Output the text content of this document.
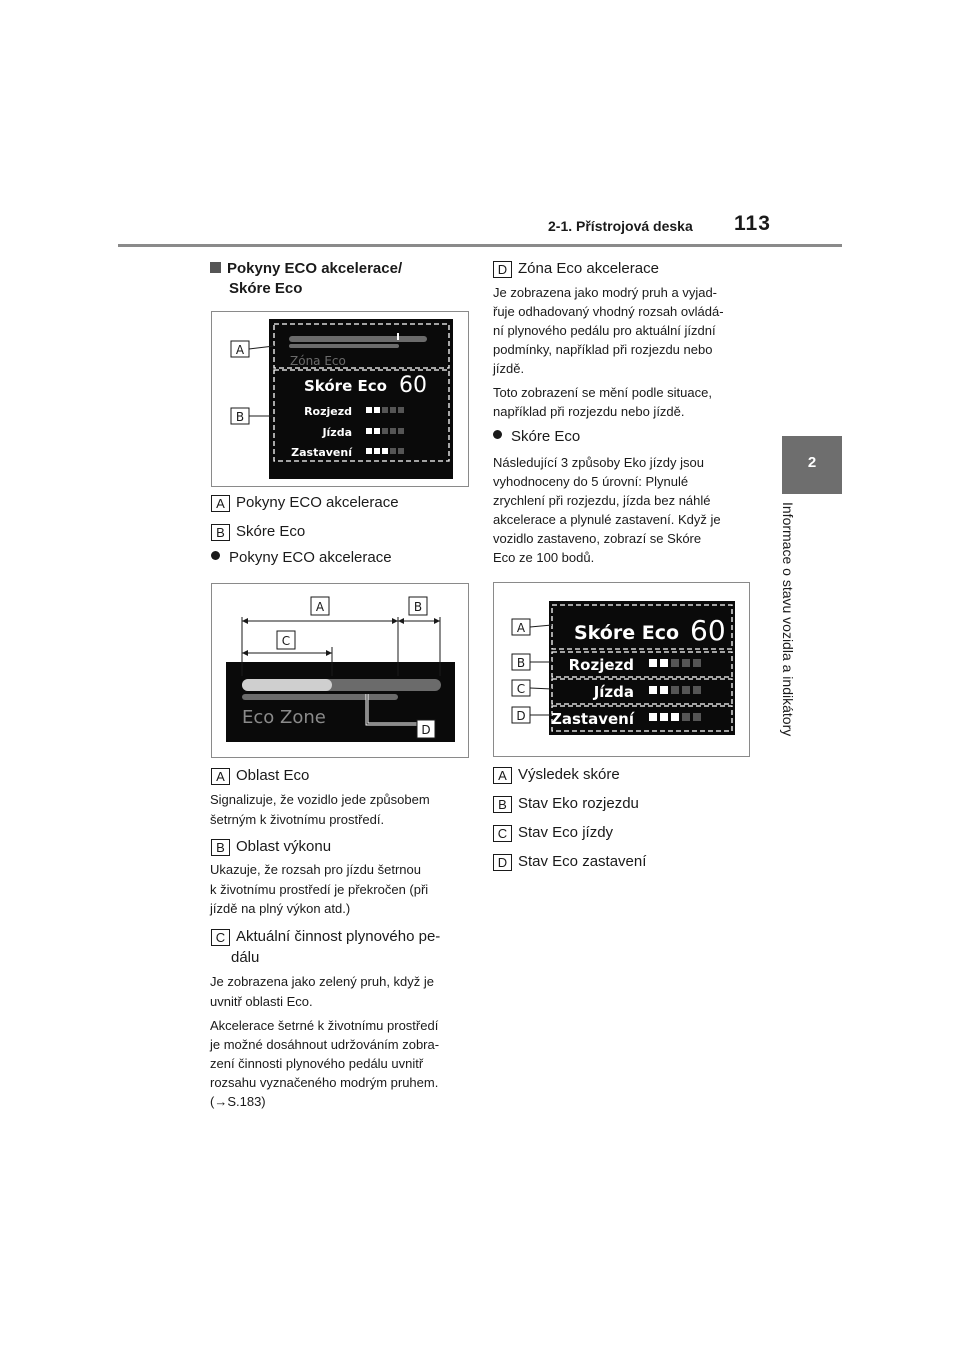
2-1. Přístrojová deska 113
2
Informace o stavu vozidla a indikátory
Pokyny ECO akcelerace/
Skóre Eco
Zóna Eco
Skóre Eco 60
Rozjezd
Jízda
Zastavení
A
B
A Pokyny ECO akcelerace
B Skóre Eco
Pokyny ECO akcelerace
Eco Zone
A	B
C
D
A Oblast Eco
Signalizuje, že vozidlo jede způsobem
šetrným k životnímu prostředí.
B Oblast výkonu
Ukazuje, že rozsah pro jízdu šetrnou
k životnímu prostředí je překročen (při
jízdě na plný výkon atd.)
C Aktuální činnost plynového pe-
dálu
Je zobrazena jako zelený pruh, když je
uvnitř oblasti Eco.
Akcelerace šetrné k životnímu prostředí
je možné dosáhnout udržováním zobra-
zení činnosti plynového pedálu uvnitř
rozsahu vyznačeného modrým pruhem.
(→S.183)
D Zóna Eco akcelerace
Je zobrazena jako modrý pruh a vyjad-
řuje odhadovaný vhodný rozsah ovládá-
ní plynového pedálu pro aktuální jízdní
podmínky, například při rozjezdu nebo
jízdě.
Toto zobrazení se mění podle situace,
například při rozjezdu nebo jízdě.
Skóre Eco
Následující 3 způsoby Eko jízdy jsou
vyhodnoceny do 5 úrovní: Plynulé
zrychlení při rozjezdu, jízda bez náhlé
akcelerace a plynulé zastavení. Když je
vozidlo zastaveno, zobrazí se Skóre
Eco ze 100 bodů.
Skóre Eco 60
Rozjezd
Jízda
Zastavení
A
B
C
D
A Výsledek skóre
B Stav Eko rozjezdu
C Stav Eco jízdy
D Stav Eco zastavení
